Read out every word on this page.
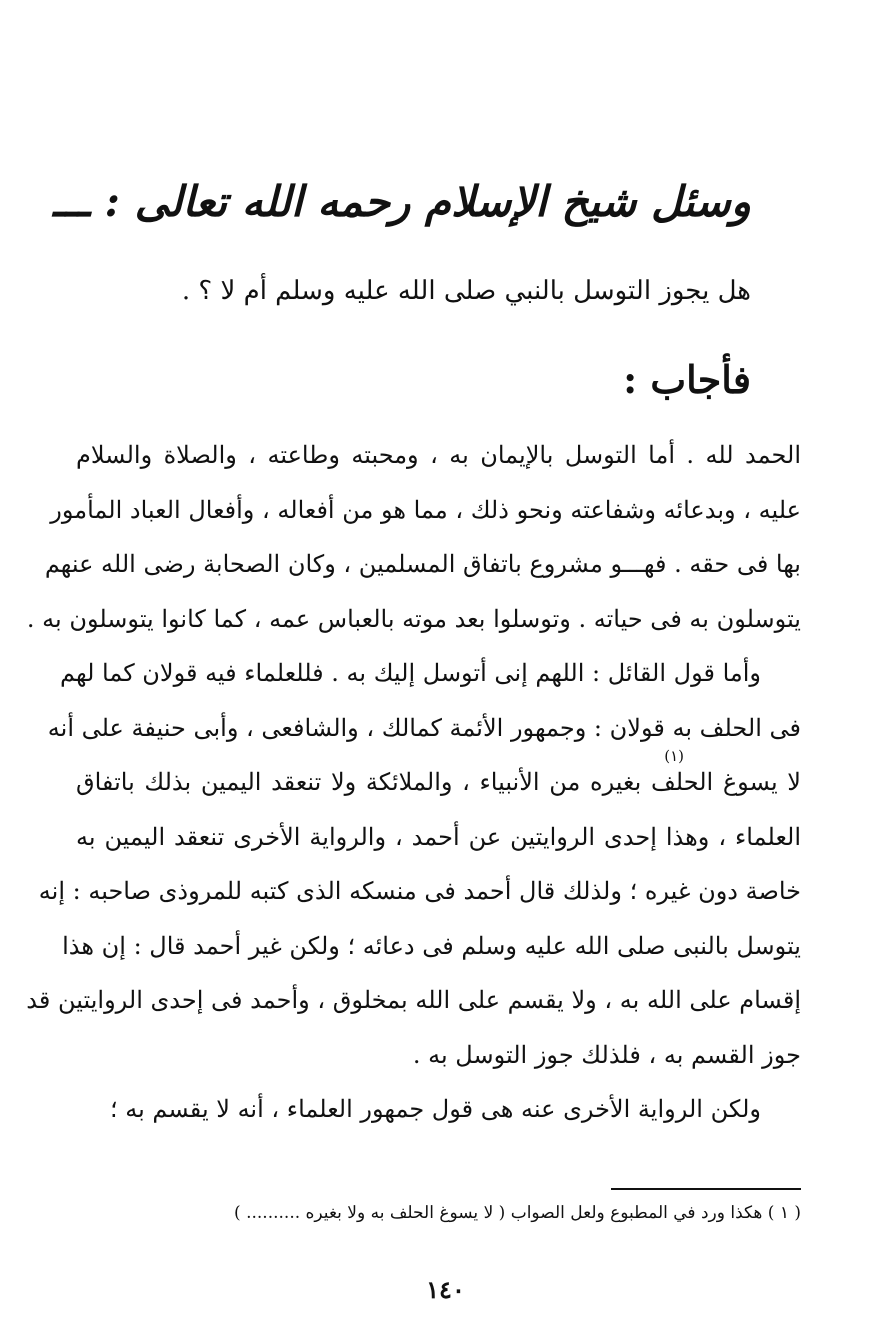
وسئل شيخ الإسلام رحمه الله تعالى : ـــ
هل يجوز التوسل بالنبي صلى الله عليه وسلم أم لا ؟ .
فأجاب :
الحمد لله . أما التوسل بالإيمان به ، ومحبته وطاعته ، والصلاة والسلام
عليه ، وبدعائه وشفاعته ونحو ذلك ، مما هو من أفعاله ، وأفعال العباد المأمور
بها فى حقه . فهـــو مشروع باتفاق المسلمين ، وكان الصحابة رضى الله عنهم
يتوسلون به فى حياته . وتوسلوا بعد موته بالعباس عمه ، كما كانوا يتوسلون به .
وأما قول القائل : اللهم إنى أتوسل إليك به . فللعلماء فيه قولان كما لهم
فى الحلف به قولان : وجمهور الأئمة كمالك ، والشافعى ، وأبى حنيفة على أنه
لا يسوغ الحلف بغيره من الأنبياء ، والملائكة ولا تنعقد اليمين بذلك باتفاق
العلماء ، وهذا إحدى الروايتين عن أحمد ، والرواية الأخرى تنعقد اليمين به
خاصة دون غيره ؛ ولذلك قال أحمد فى منسكه الذى كتبه للمروذى صاحبه : إنه
يتوسل بالنبى صلى الله عليه وسلم فى دعائه ؛ ولكن غير أحمد قال : إن هذا
إقسام على الله به ، ولا يقسم على الله بمخلوق ، وأحمد فى إحدى الروايتين قد
جوز القسم به ، فلذلك جوز التوسل به .
ولكن الرواية الأخرى عنه هى قول جمهور العلماء ، أنه لا يقسم به ؛
(١)
( ١ ) هكذا ورد في المطبوع ولعل الصواب ( لا يسوغ الحلف به ولا بغيره .......... )
١٤٠
